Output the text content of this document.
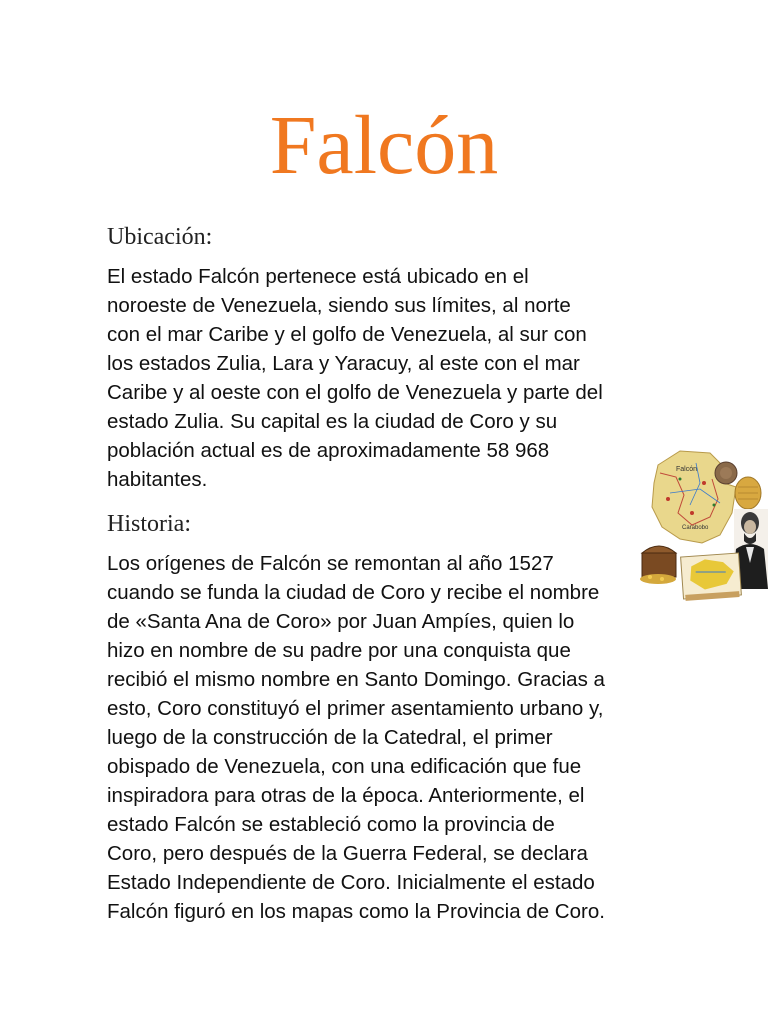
Falcón
Ubicación:
El estado Falcón pertenece está ubicado en el
noroeste de Venezuela, siendo sus límites, al norte
con el mar Caribe y el golfo de Venezuela, al sur con
los estados Zulia, Lara y Yaracuy, al este con el mar
Caribe y al oeste con el golfo de Venezuela y parte del
estado Zulia. Su capital es la ciudad de Coro y su
población actual es de aproximadamente 58 968
habitantes.
Historia:
Los orígenes de Falcón se remontan al año 1527
cuando se funda la ciudad de Coro y recibe el nombre
de «Santa Ana de Coro» por Juan Ampíes, quien lo
hizo en nombre de su padre por una conquista que
recibió el mismo nombre en Santo Domingo. Gracias a
esto, Coro constituyó el primer asentamiento urbano y,
luego de la construcción de la Catedral, el primer
obispado de Venezuela, con una edificación que fue
inspiradora para otras de la época. Anteriormente, el
estado Falcón se estableció como la provincia de
Coro, pero después de la Guerra Federal, se declara
Estado Independiente de Coro. Inicialmente el estado
Falcón figuró en los mapas como la Provincia de Coro.
Falcón
Carabobo
